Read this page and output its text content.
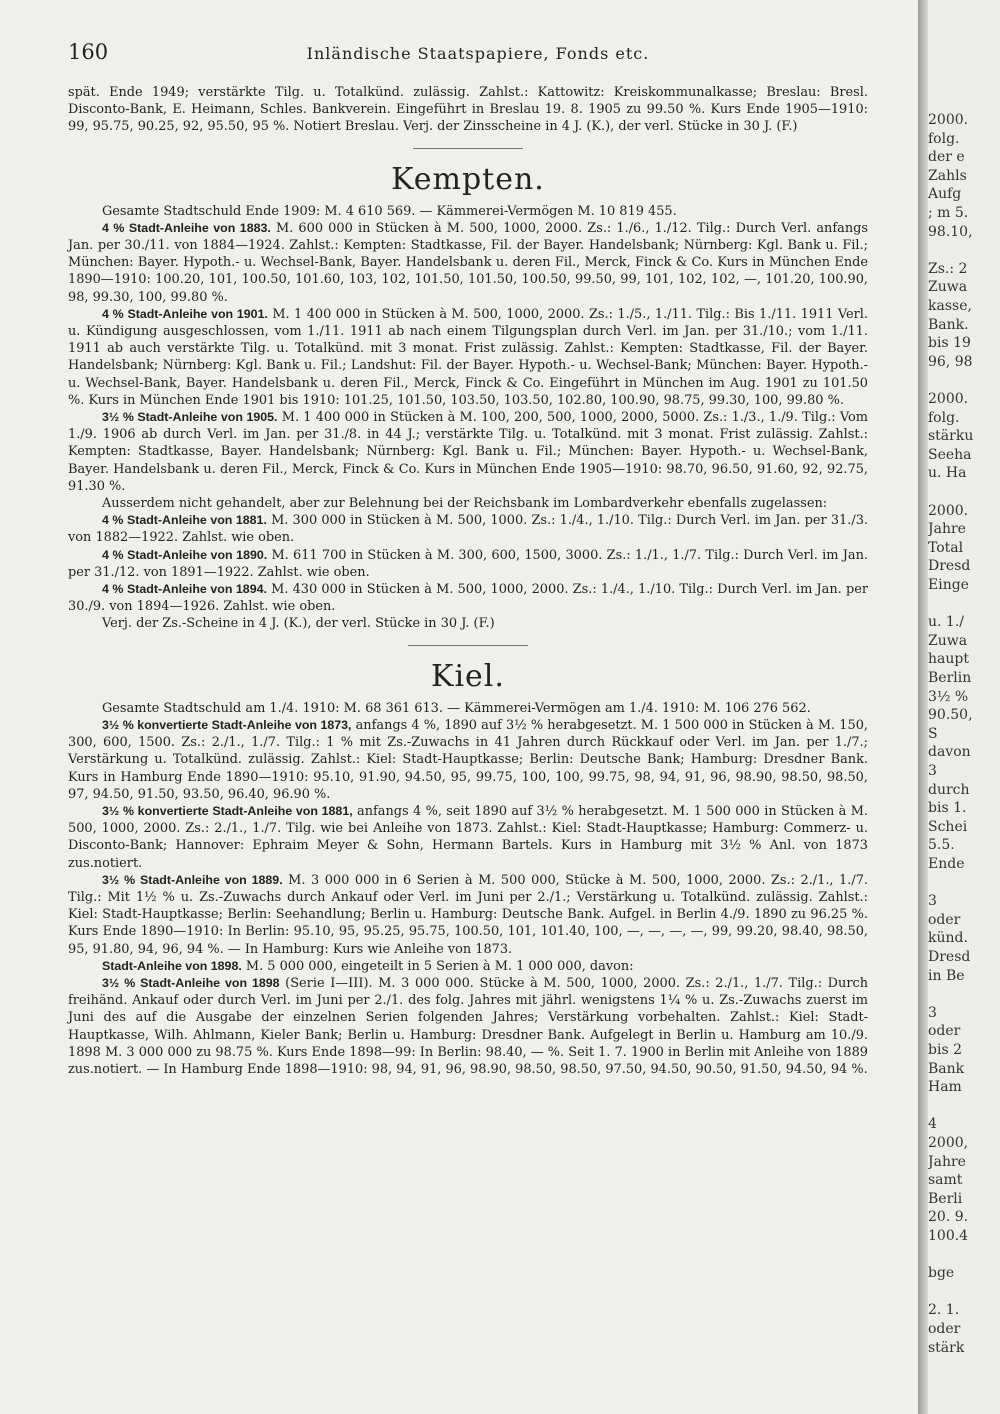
160	Inländische Staatspapiere, Fonds etc.

spät. Ende 1949; verstärkte Tilg. u. Totalkünd. zulässig. Zahlst.: Kattowitz: Kreiskommunalkasse; Breslau: Bresl. Disconto-Bank, E. Heimann, Schles. Bankverein. Eingeführt in Breslau 19. 8. 1905 zu 99.50 %. Kurs Ende 1905—1910: 99, 95.75, 90.25, 92, 95.50, 95 %. Notiert Breslau. Verj. der Zinsscheine in 4 J. (K.), der verl. Stücke in 30 J. (F.)

Kempten.

Gesamte Stadtschuld Ende 1909: M. 4 610 569. — Kämmerei-Vermögen M. 10 819 455.

4 % Stadt-Anleihe von 1883. M. 600 000 in Stücken à M. 500, 1000, 2000. Zs.: 1./6., 1./12. Tilg.: Durch Verl. anfangs Jan. per 30./11. von 1884—1924. Zahlst.: Kempten: Stadtkasse, Fil. der Bayer. Handelsbank; Nürnberg: Kgl. Bank u. Fil.; München: Bayer. Hypoth.- u. Wechsel-Bank, Bayer. Handelsbank u. deren Fil., Merck, Finck & Co. Kurs in München Ende 1890—1910: 100.20, 101, 100.50, 101.60, 103, 102, 101.50, 101.50, 100.50, 99.50, 99, 101, 102, 102, —, 101.20, 100.90, 98, 99.30, 100, 99.80 %.

4 % Stadt-Anleihe von 1901. M. 1 400 000 in Stücken à M. 500, 1000, 2000. Zs.: 1./5., 1./11. Tilg.: Bis 1./11. 1911 Verl. u. Kündigung ausgeschlossen, vom 1./11. 1911 ab nach einem Tilgungsplan durch Verl. im Jan. per 31./10.; vom 1./11. 1911 ab auch verstärkte Tilg. u. Totalkünd. mit 3 monat. Frist zulässig. Zahlst.: Kempten: Stadtkasse, Fil. der Bayer. Handelsbank; Nürnberg: Kgl. Bank u. Fil.; Landshut: Fil. der Bayer. Hypoth.- u. Wechsel-Bank; München: Bayer. Hypoth.- u. Wechsel-Bank, Bayer. Handelsbank u. deren Fil., Merck, Finck & Co. Eingeführt in München im Aug. 1901 zu 101.50 %. Kurs in München Ende 1901 bis 1910: 101.25, 101.50, 103.50, 103.50, 102.80, 100.90, 98.75, 99.30, 100, 99.80 %.

3½ % Stadt-Anleihe von 1905. M. 1 400 000 in Stücken à M. 100, 200, 500, 1000, 2000, 5000. Zs.: 1./3., 1./9. Tilg.: Vom 1./9. 1906 ab durch Verl. im Jan. per 31./8. in 44 J.; verstärkte Tilg. u. Totalkünd. mit 3 monat. Frist zulässig. Zahlst.: Kempten: Stadtkasse, Bayer. Handelsbank; Nürnberg: Kgl. Bank u. Fil.; München: Bayer. Hypoth.- u. Wechsel-Bank, Bayer. Handelsbank u. deren Fil., Merck, Finck & Co. Kurs in München Ende 1905—1910: 98.70, 96.50, 91.60, 92, 92.75, 91.30 %.

Ausserdem nicht gehandelt, aber zur Belehnung bei der Reichsbank im Lombardverkehr ebenfalls zugelassen:

4 % Stadt-Anleihe von 1881. M. 300 000 in Stücken à M. 500, 1000. Zs.: 1./4., 1./10. Tilg.: Durch Verl. im Jan. per 31./3. von 1882—1922. Zahlst. wie oben.

4 % Stadt-Anleihe von 1890. M. 611 700 in Stücken à M. 300, 600, 1500, 3000. Zs.: 1./1., 1./7. Tilg.: Durch Verl. im Jan. per 31./12. von 1891—1922. Zahlst. wie oben.

4 % Stadt-Anleihe von 1894. M. 430 000 in Stücken à M. 500, 1000, 2000. Zs.: 1./4., 1./10. Tilg.: Durch Verl. im Jan. per 30./9. von 1894—1926. Zahlst. wie oben.

Verj. der Zs.-Scheine in 4 J. (K.), der verl. Stücke in 30 J. (F.)

Kiel.

Gesamte Stadtschuld am 1./4. 1910: M. 68 361 613. — Kämmerei-Vermögen am 1./4. 1910: M. 106 276 562.

3½ % konvertierte Stadt-Anleihe von 1873, anfangs 4 %, 1890 auf 3½ % herabgesetzt. M. 1 500 000 in Stücken à M. 150, 300, 600, 1500. Zs.: 2./1., 1./7. Tilg.: 1 % mit Zs.-Zuwachs in 41 Jahren durch Rückkauf oder Verl. im Jan. per 1./7.; Verstärkung u. Totalkünd. zulässig. Zahlst.: Kiel: Stadt-Hauptkasse; Berlin: Deutsche Bank; Hamburg: Dresdner Bank. Kurs in Hamburg Ende 1890—1910: 95.10, 91.90, 94.50, 95, 99.75, 100, 100, 99.75, 98, 94, 91, 96, 98.90, 98.50, 98.50, 97, 94.50, 91.50, 93.50, 96.40, 96.90 %.

3½ % konvertierte Stadt-Anleihe von 1881, anfangs 4 %, seit 1890 auf 3½ % herabgesetzt. M. 1 500 000 in Stücken à M. 500, 1000, 2000. Zs.: 2./1., 1./7. Tilg. wie bei Anleihe von 1873. Zahlst.: Kiel: Stadt-Hauptkasse; Hamburg: Commerz- u. Disconto-Bank; Hannover: Ephraim Meyer & Sohn, Hermann Bartels. Kurs in Hamburg mit 3½ % Anl. von 1873 zus.notiert.

3½ % Stadt-Anleihe von 1889. M. 3 000 000 in 6 Serien à M. 500 000, Stücke à M. 500, 1000, 2000. Zs.: 2./1., 1./7. Tilg.: Mit 1½ % u. Zs.-Zuwachs durch Ankauf oder Verl. im Juni per 2./1.; Verstärkung u. Totalkünd. zulässig. Zahlst.: Kiel: Stadt-Hauptkasse; Berlin: Seehandlung; Berlin u. Hamburg: Deutsche Bank. Aufgel. in Berlin 4./9. 1890 zu 96.25 %. Kurs Ende 1890—1910: In Berlin: 95.10, 95, 95.25, 95.75, 100.50, 101, 101.40, 100, —, —, —, —, 99, 99.20, 98.40, 98.50, 95, 91.80, 94, 96, 94 %. — In Hamburg: Kurs wie Anleihe von 1873.

Stadt-Anleihe von 1898. M. 5 000 000, eingeteilt in 5 Serien à M. 1 000 000, davon:

3½ % Stadt-Anleihe von 1898 (Serie I—III). M. 3 000 000. Stücke à M. 500, 1000, 2000. Zs.: 2./1., 1./7. Tilg.: Durch freihänd. Ankauf oder durch Verl. im Juni per 2./1. des folg. Jahres mit jährl. wenigstens 1¼ % u. Zs.-Zuwachs zuerst im Juni des auf die Ausgabe der einzelnen Serien folgenden Jahres; Verstärkung vorbehalten. Zahlst.: Kiel: Stadt-Hauptkasse, Wilh. Ahlmann, Kieler Bank; Berlin u. Hamburg: Dresdner Bank. Aufgelegt in Berlin u. Hamburg am 10./9. 1898 M. 3 000 000 zu 98.75 %. Kurs Ende 1898—99: In Berlin: 98.40, — %. Seit 1. 7. 1900 in Berlin mit Anleihe von 1889 zus.notiert. — In Hamburg Ende 1898—1910: 98, 94, 91, 96, 98.90, 98.50, 98.50, 97.50, 94.50, 90.50, 91.50, 94.50, 94 %.

2000.
folg.
der e
Zahls
Aufg
; m 5.
98.10,
Zs.: 2
Zuwa
kasse,
Bank.
bis 19
96, 98
2000.
folg.
stärku
Seeha
u. Ha
2000.
Jahre
Total
Dresd
Einge
u. 1./
Zuwa
haupt
Berlin
3½ %
90.50,
S
davon
3
durch
bis 1.
Schei
5.5.
Ende
3
oder
künd.
Dresd
in Be
3
oder
bis 2
Bank
Ham
4
2000,
Jahre
samt
Berli
20. 9.
100.4
bge
2. 1.
oder
stärk
